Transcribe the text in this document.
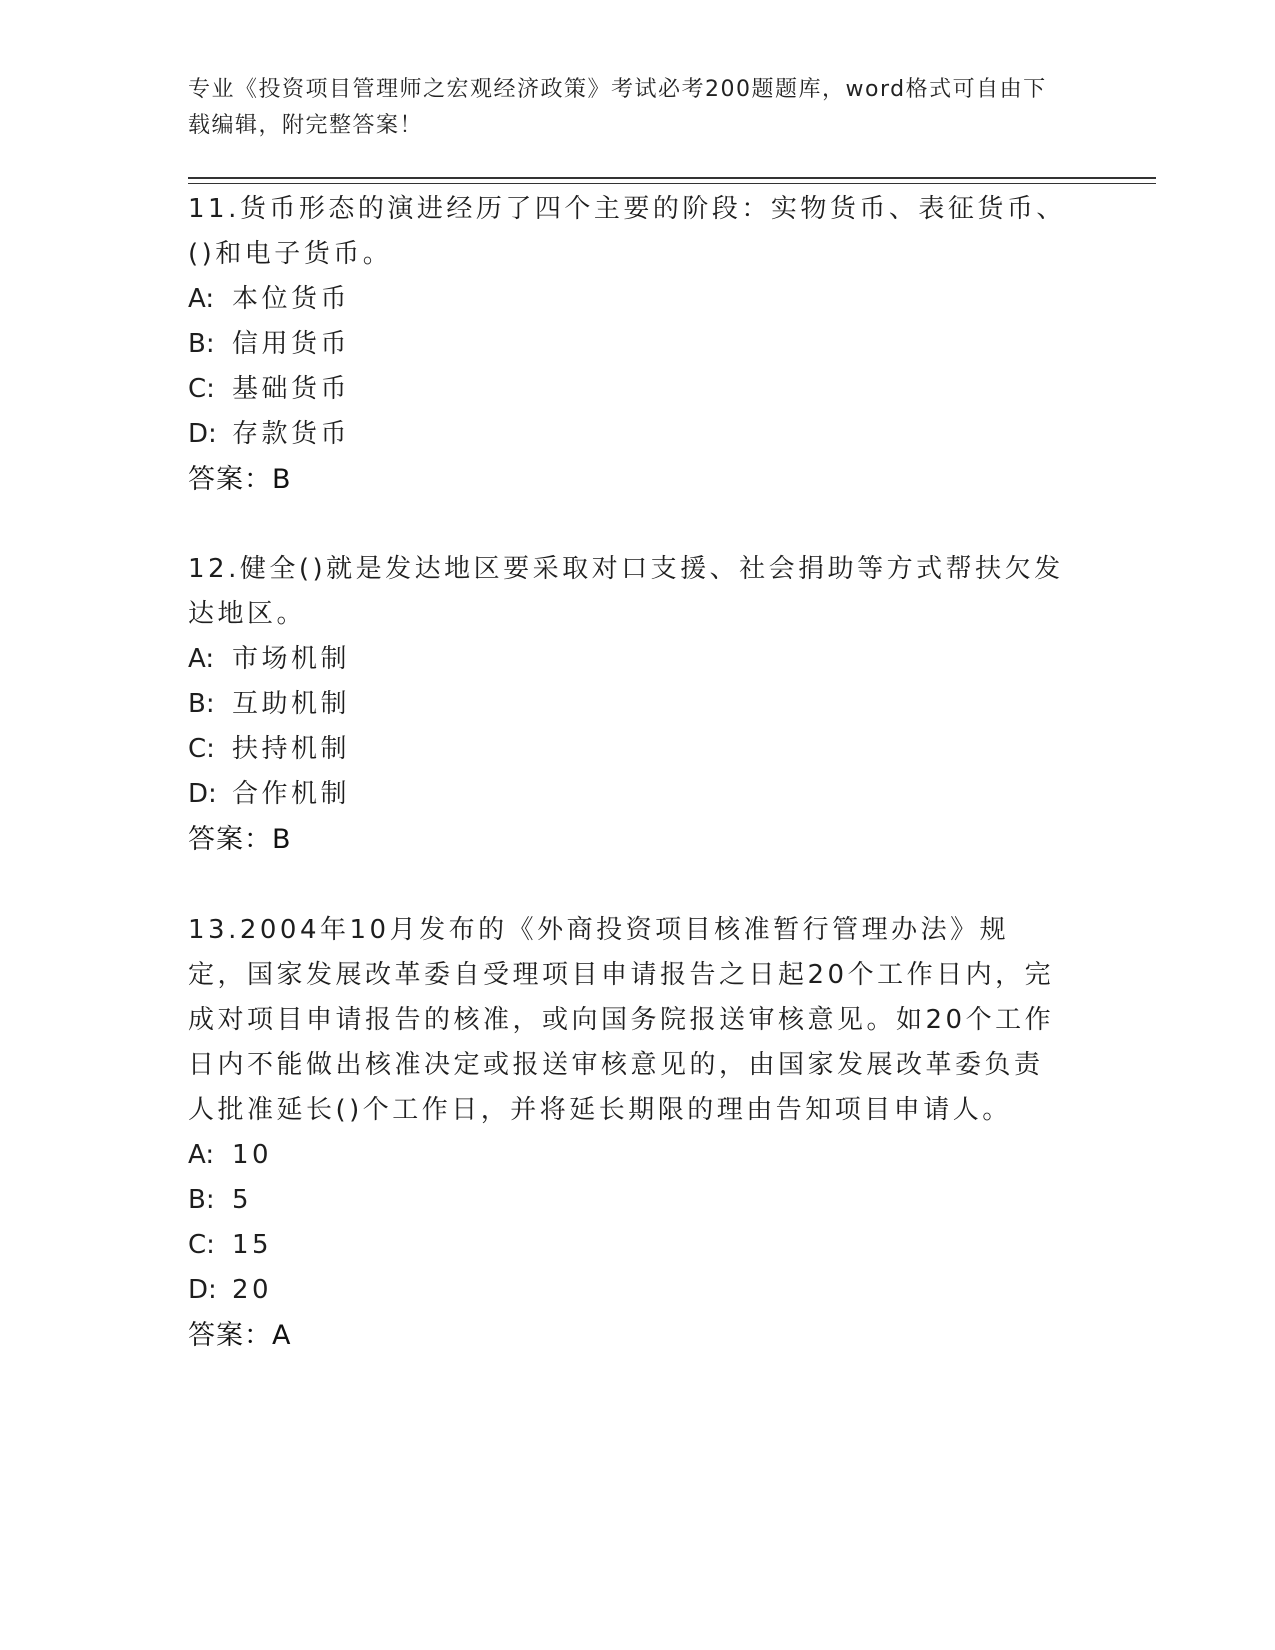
专业《投资项目管理师之宏观经济政策》考试必考200题题库，word格式可自由下载编辑，附完整答案！
11.货币形态的演进经历了四个主要的阶段：实物货币、表征货币、()和电子货币。
A: 本位货币
B: 信用货币
C: 基础货币
D: 存款货币
答案：B
12.健全()就是发达地区要采取对口支援、社会捐助等方式帮扶欠发达地区。
A: 市场机制
B: 互助机制
C: 扶持机制
D: 合作机制
答案：B
13.2004年10月发布的《外商投资项目核准暂行管理办法》规定，国家发展改革委自受理项目申请报告之日起20个工作日内，完成对项目申请报告的核准，或向国务院报送审核意见。如20个工作日内不能做出核准决定或报送审核意见的，由国家发展改革委负责人批准延长()个工作日，并将延长期限的理由告知项目申请人。
A: 10
B: 5
C: 15
D: 20
答案：A
